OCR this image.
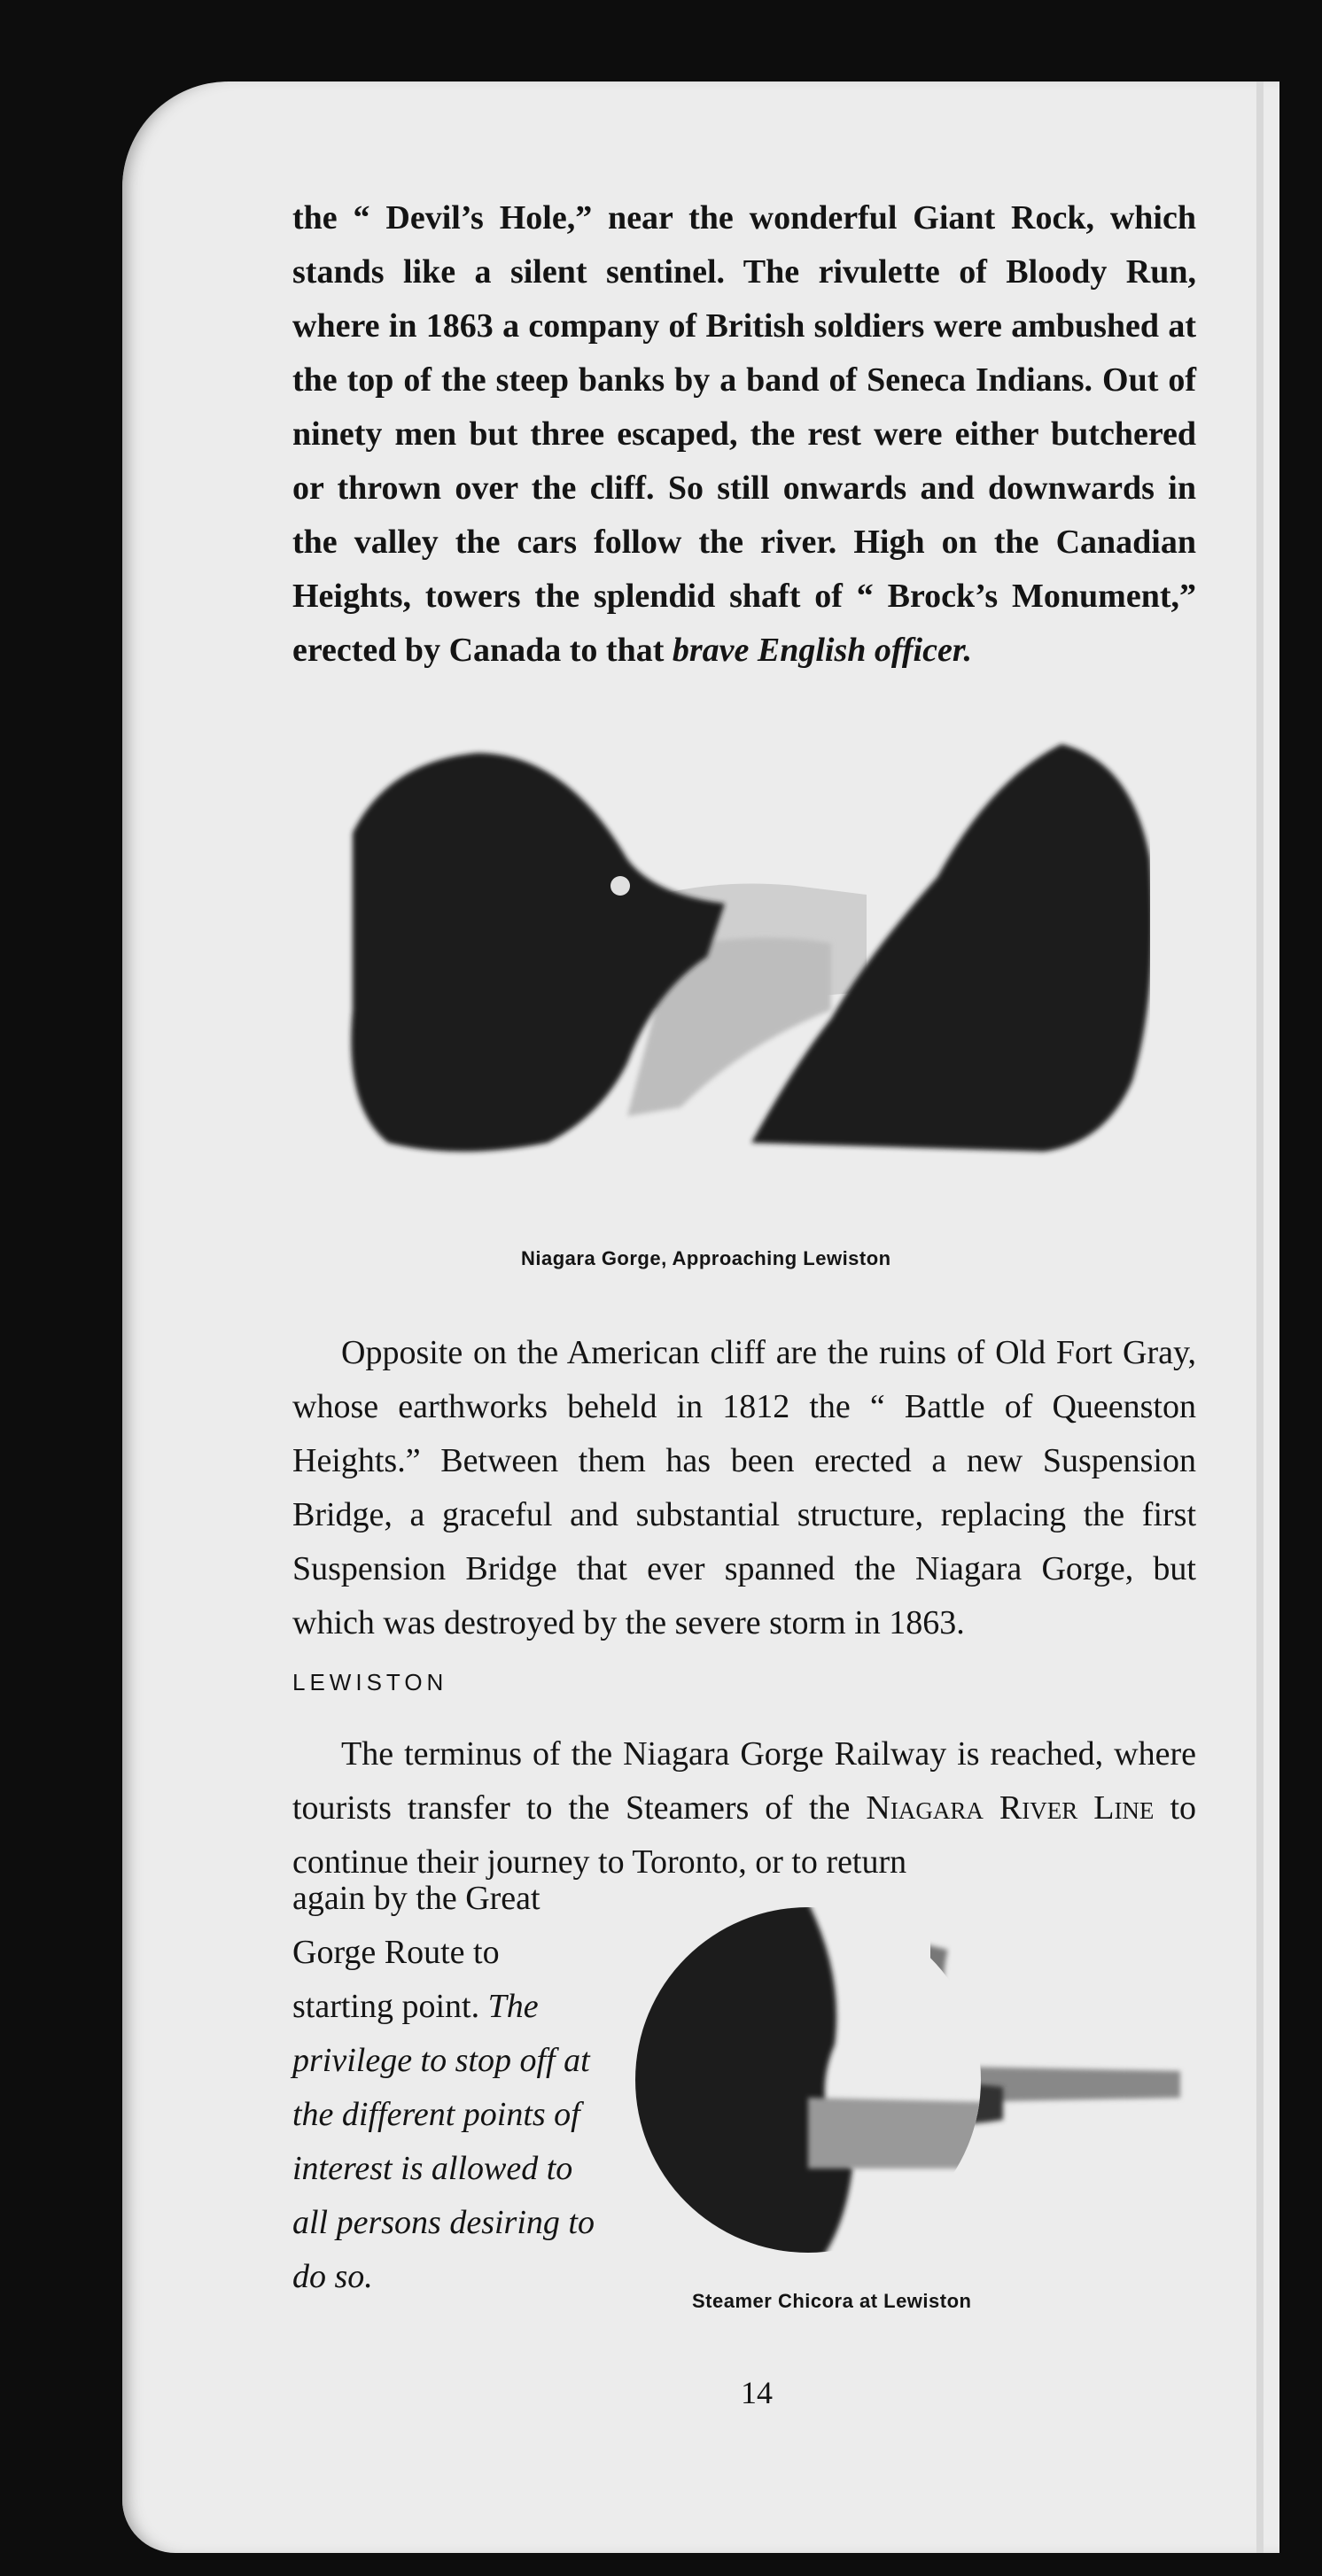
the “ Devil’s Hole,” near the wonderful Giant Rock, which stands like a silent sentinel. The rivulette of Bloody Run, where in 1863 a company of British soldiers were ambushed at the top of the steep banks by a band of Seneca Indians. Out of ninety men but three escaped, the rest were either butchered or thrown over the cliff. So still onwards and downwards in the valley the cars follow the river. High on the Canadian Heights, towers the splendid shaft of “ Brock’s Monument,” erected by Canada to that brave English officer.

Niagara Gorge, Approaching Lewiston

Opposite on the American cliff are the ruins of Old Fort Gray, whose earthworks beheld in 1812 the “ Battle of Queenston Heights.” Between them has been erected a new Suspension Bridge, a graceful and substantial structure, replacing the first Suspension Bridge that ever spanned the Niagara Gorge, but which was destroyed by the severe storm in 1863.

LEWISTON

The terminus of the Niagara Gorge Railway is reached, where tourists transfer to the Steamers of the Niagara River Line to continue their journey to Toronto, or to return

again by the Great Gorge Route to starting point. The privilege to stop off at the different points of interest is allowed to all persons desiring to do so.
Steamer Chicora at Lewiston
14
